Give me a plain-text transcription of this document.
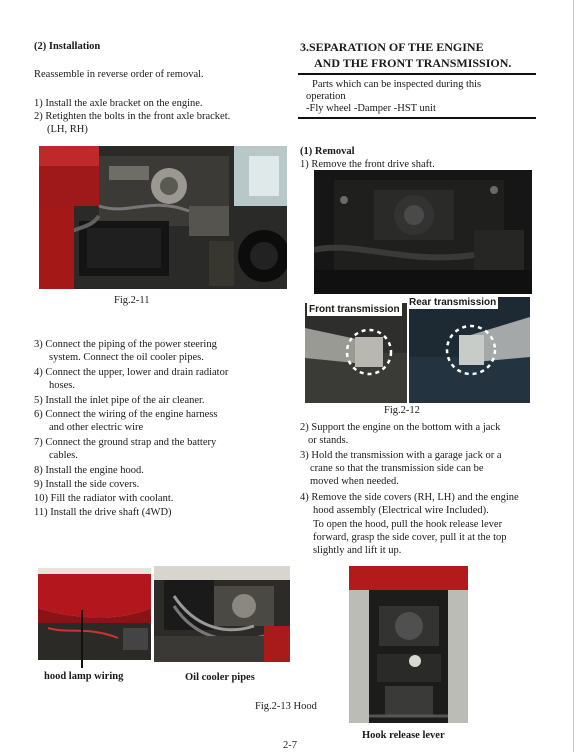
(2) Installation
Reassemble in reverse order of removal.
1) Install the axle bracket on the engine.
2) Retighten the bolts in the front axle bracket.
(LH, RH)
Fig.2-11
3) Connect the piping of the power steering
system. Connect the oil cooler pipes.
4) Connect the upper, lower and drain radiator
hoses.
5) Install the inlet pipe of the air cleaner.
6) Connect the wiring of the engine harness
and other electric wire
7) Connect the ground strap and the battery
cables.
8) Install the engine hood.
9) Install the side covers.
10) Fill the radiator with coolant.
11) Install the drive shaft (4WD)
hood lamp wiring	Oil cooler pipes
Fig.2-13 Hood
3.SEPARATION OF THE ENGINE
AND THE FRONT TRANSMISSION.
Parts which can be inspected during this
operation
-Fly wheel -Damper -HST unit
(1) Removal
1) Remove the front drive shaft.
Front transmission
Rear transmission
Fig.2-12
2) Support the engine on the bottom with a jack
or stands.
3) Hold the transmission with a garage jack or a
crane so that the transmission side can be
moved when needed.
4) Remove the side covers (RH, LH) and the engine
hood assembly (Electrical wire Included).
To open the hood, pull the hook release lever
forward, grasp the side cover, pull it at the top
slightly and lift it up.
Hook release lever
2-7
